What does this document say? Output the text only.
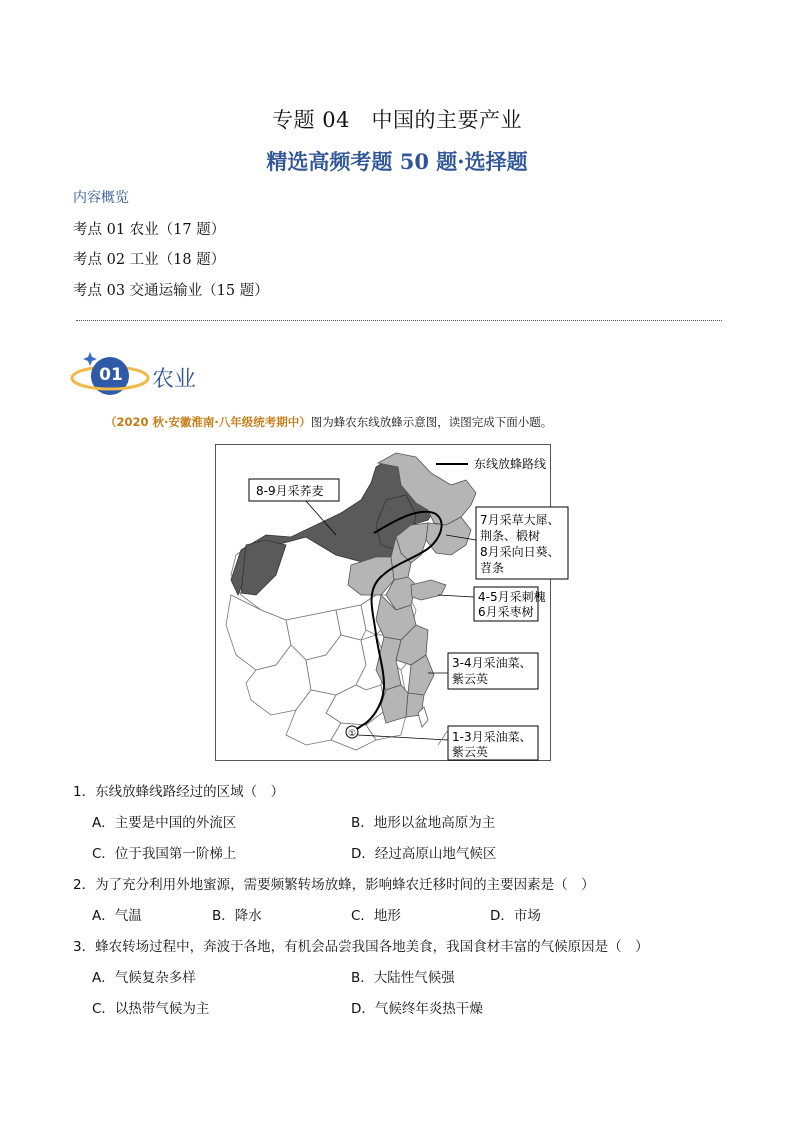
专题 04　中国的主要产业
精选高频考题 50 题·选择题
内容概览
考点 01 农业（17 题）
考点 02 工业（18 题）
考点 03 交通运输业（15 题）
01	农业
（2020 秋·安徽淮南·八年级统考期中）图为蜂农东线放蜂示意图，读图完成下面小题。
①
东线放蜂路线
8-9月采荞麦
7月采草大犀、
荆条、椴树
8月采向日葵、
苕条
4-5月采刺槐
6月采枣树
3-4月采油菜、
紫云英
1-3月采油菜、
紫云英
1．东线放蜂线路经过的区域（　）
A．主要是中国的外流区	B．地形以盆地高原为主
C．位于我国第一阶梯上	D．经过高原山地气候区
2．为了充分利用外地蜜源，需要频繁转场放蜂，影响蜂农迁移时间的主要因素是（　）
A．气温	B．降水	C．地形	D．市场
3．蜂农转场过程中，奔波于各地，有机会品尝我国各地美食，我国食材丰富的气候原因是（　）
A．气候复杂多样	B．大陆性气候强
C．以热带气候为主	D．气候终年炎热干燥
